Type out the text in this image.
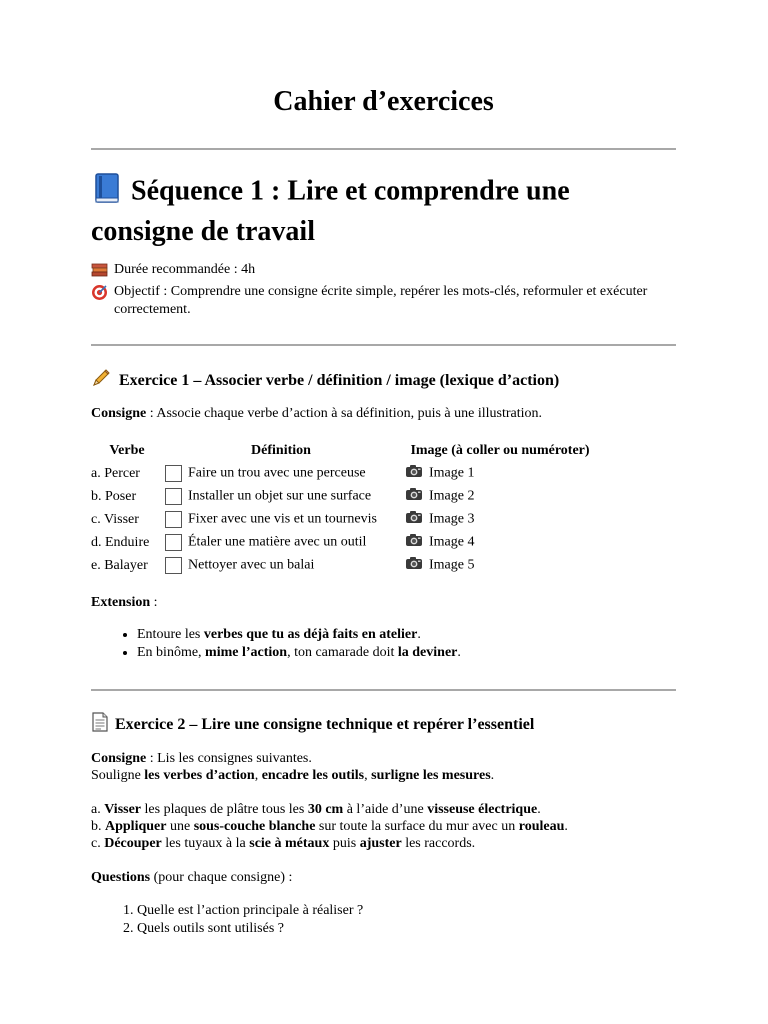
Cahier d’exercices
Séquence 1 : Lire et comprendre une consigne de travail
Durée recommandée : 4h
Objectif : Comprendre une consigne écrite simple, repérer les mots-clés, reformuler et exécuter correctement.
Exercice 1 – Associer verbe / définition / image (lexique d’action)
Consigne : Associe chaque verbe d’action à sa définition, puis à une illustration.
Verbe	Définition	Image (à coller ou numéroter)
a. Percer	Faire un trou avec une perceuse	Image 1
b. Poser	Installer un objet sur une surface	Image 2
c. Visser	Fixer avec une vis et un tournevis	Image 3
d. Enduire	Étaler une matière avec un outil	Image 4
e. Balayer	Nettoyer avec un balai	Image 5
Extension :
• Entoure les verbes que tu as déjà faits en atelier.
• En binôme, mime l’action, ton camarade doit la deviner.
Exercice 2 – Lire une consigne technique et repérer l’essentiel
Consigne : Lis les consignes suivantes.
Souligne les verbes d’action, encadre les outils, surligne les mesures.
a. Visser les plaques de plâtre tous les 30 cm à l’aide d’une visseuse électrique.
b. Appliquer une sous-couche blanche sur toute la surface du mur avec un rouleau.
c. Découper les tuyaux à la scie à métaux puis ajuster les raccords.
Questions (pour chaque consigne) :
1. Quelle est l’action principale à réaliser ?
2. Quels outils sont utilisés ?
